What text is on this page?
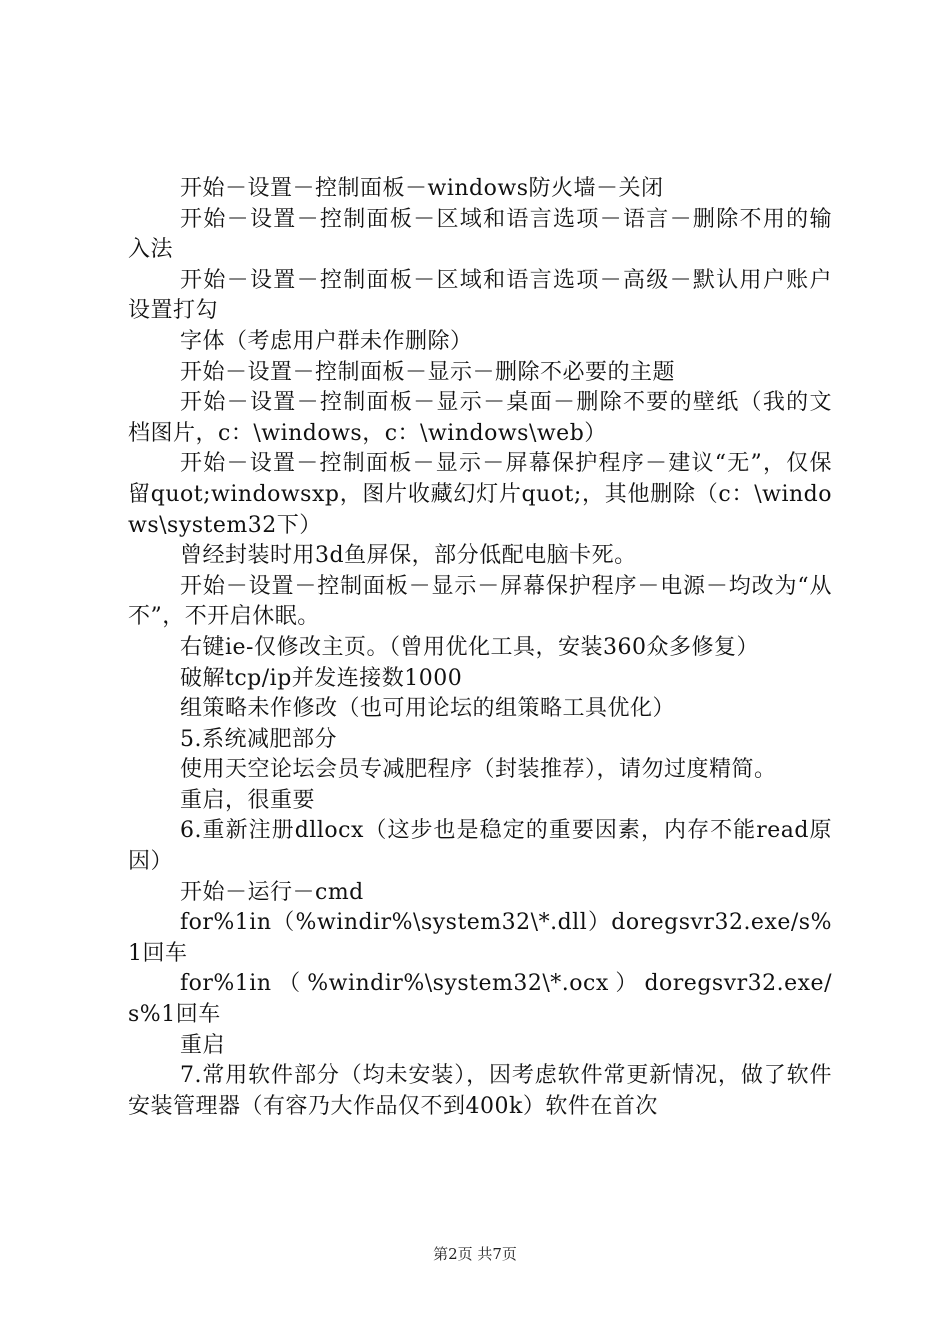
开始－设置－控制面板－windows防火墙－关闭

开始－设置－控制面板－区域和语言选项－语言－删除不用的输入法

开始－设置－控制面板－区域和语言选项－高级－默认用户账户设置打勾

字体（考虑用户群未作删除）

开始－设置－控制面板－显示－删除不必要的主题

开始－设置－控制面板－显示－桌面－删除不要的壁纸（我的文档图片，c：\windows，c：\windows\web）

开始－设置－控制面板－显示－屏幕保护程序－建议“无”，仅保留quot;windowsxp，图片收藏幻灯片quot;，其他删除（c：\windows\system32下）

曾经封装时用3d鱼屏保，部分低配电脑卡死。

开始－设置－控制面板－显示－屏幕保护程序－电源－均改为“从不”，不开启休眠。

右键ie-仅修改主页。（曾用优化工具，安装360众多修复）

破解tcp/ip并发连接数1000

组策略未作修改（也可用论坛的组策略工具优化）

5.系统减肥部分

使用天空论坛会员专减肥程序（封装推荐），请勿过度精简。

重启，很重要

6.重新注册dllocx（这步也是稳定的重要因素，内存不能read原因）

开始－运行－cmd

for%1in（%windir%\system32\*.dll）doregsvr32.exe/s%1回车

for%1in（%windir%\system32\*.ocx）doregsvr32.exe/s%1回车

重启

7.常用软件部分（均未安装），因考虑软件常更新情况，做了软件安装管理器（有容乃大作品仅不到400k）软件在首次

第2页 共7页
